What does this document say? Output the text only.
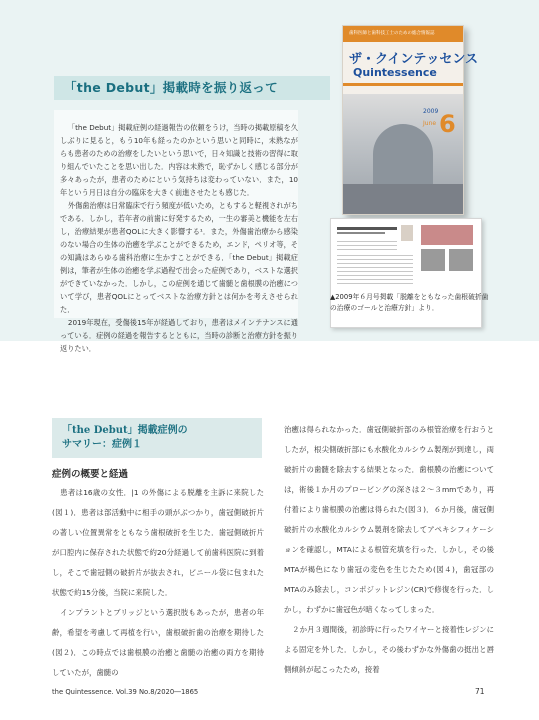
歯科医師と歯科技工士のための総合情報誌
ザ・クインテッセンス
Quintessence
2009
June 6
「the Debut」掲載時を振り返って

「the Debut」掲載症例の経過報告の依頼をうけ，当時の掲載原稿を久しぶりに見ると，もう10年も経ったのかという思いと同時に，未熟ながらも患者のための治療をしたいという思いで，日々知識と技術の習得に取り組んでいたことを思い出した．内容は未熟で，恥ずかしく感じる部分が多々あったが，患者のためにという気持ちは変わっていない．また，10年という月日は自分の臨床を大きく前進させたとも感じた．

外傷歯治療は日常臨床で行う頻度が低いため，ともすると軽視されがちである．しかし，若年者の前歯に好発するため，一生の審美と機能を左右し，治療結果が患者QOLに大きく影響する¹．また，外傷歯治療から感染のない場合の生体の治癒を学ぶことができるため，エンド，ペリオ等，その知識はあらゆる歯科治療に生かすことができる．「the Debut」掲載症例は，筆者が生体の治癒を学ぶ過程で出会った症例であり，ベストな選択ができていなかった．しかし，この症例を通じて歯髄と歯根膜の治癒について学び，患者QOLにとってベストな治療方針とは何かを考えさせられた．

2019年現在，受傷後15年が経過しており，患者はメインテナンスに通っている．症例の経過を報告するとともに，当時の診断と治療方針を振り返りたい．

▲2009年６月号掲載「脱離をともなった歯根破折歯の治療のゴールと治療方針」より．

「the Debut」掲載症例の
サマリー：症例１
症例の概要と経過

患者は16歳の女性．|1 の外傷による脱離を主訴に来院した(図１)．患者は部活動中に相手の頭がぶつかり，歯冠側破折片の著しい位置異常をともなう歯根破折を生じた．歯冠側破折片が口腔内に保存された状態で約20分経過して前歯科医院に到着し，そこで歯冠側の破折片が抜去され，ビニール袋に包まれた状態で約15分後，当院に来院した．

インプラントとブリッジという選択肢もあったが，患者の年齢，希望を考慮して再植を行い，歯根破折歯の治療を期待した(図２)．この時点では歯根膜の治癒と歯髄の治癒の両方を期待していたが，歯髄の

治癒は得られなかった．歯冠側破折部のみ根管治療を行おうとしたが，根尖側破折部にも水酸化カルシウム製剤が到達し，両破折片の歯髄を除去する結果となった．歯根膜の治癒については，術後１か月のプロービングの深さは２～３mmであり，再付着により歯根膜の治癒は得られた(図３)．６か月後，歯冠側破折片の水酸化カルシウム製剤を除去してアペキシフィケーションを確認し，MTAによる根管充填を行った．しかし，その後MTAが褐色になり歯冠の変色を生じたため(図４)，歯冠部のMTAのみ除去し，コンポジットレジン(CR)で修復を行った．しかし，わずかに歯冠色が暗くなってしまった．

２か月３週間後，初診時に行ったワイヤーと接着性レジンによる固定を外した．しかし，その後わずかな外傷歯の挺出と唇側傾斜が起こったため，接着

the Quintessence. Vol.39 No.8/2020―1865	71
